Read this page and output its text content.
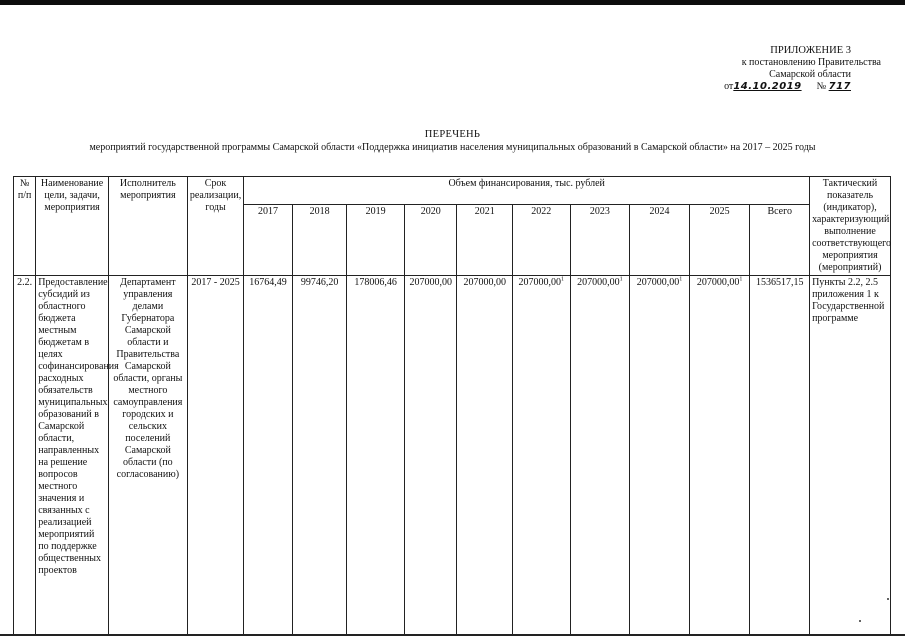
ПРИЛОЖЕНИЕ 3
к постановлению Правительства
Самарской области
от14.10.2019 № 717
ПЕРЕЧЕНЬ
мероприятий государственной программы Самарской области «Поддержка инициатив населения муниципальных образований в Самарской области» на 2017 – 2025 годы
№ п/п	Наименование цели, задачи, мероприятия	Исполнитель мероприятия	Срок реализации, годы	Объем финансирования, тыс. рублей										Тактический показатель (индикатор), характеризующий выполнение соответствующего мероприятия (мероприятий)
				2017	2018	2019	2020	2021	2022	2023	2024	2025	Всего	
2.2.	Предоставление субсидий из областного бюджета местным бюджетам в целях софинансирования расходных обязательств муниципальных образований в Самарской области, направленных на решение вопросов местного значения и связанных с реализацией мероприятий по поддержке общественных проектов	Департамент управления делами Губернатора Самарской области и Правительства Самарской области, органы местного самоуправления городских и сельских поселений Самарской области (по согласованию)	2017 - 2025	16764,49	99746,20	178006,46	207000,00	207000,00	207000,00$^1$	207000,00$^1$	207000,00$^1$	207000,00$^1$	1536517,15	Пункты 2.2, 2.5 приложения 1 к Государственной программе
